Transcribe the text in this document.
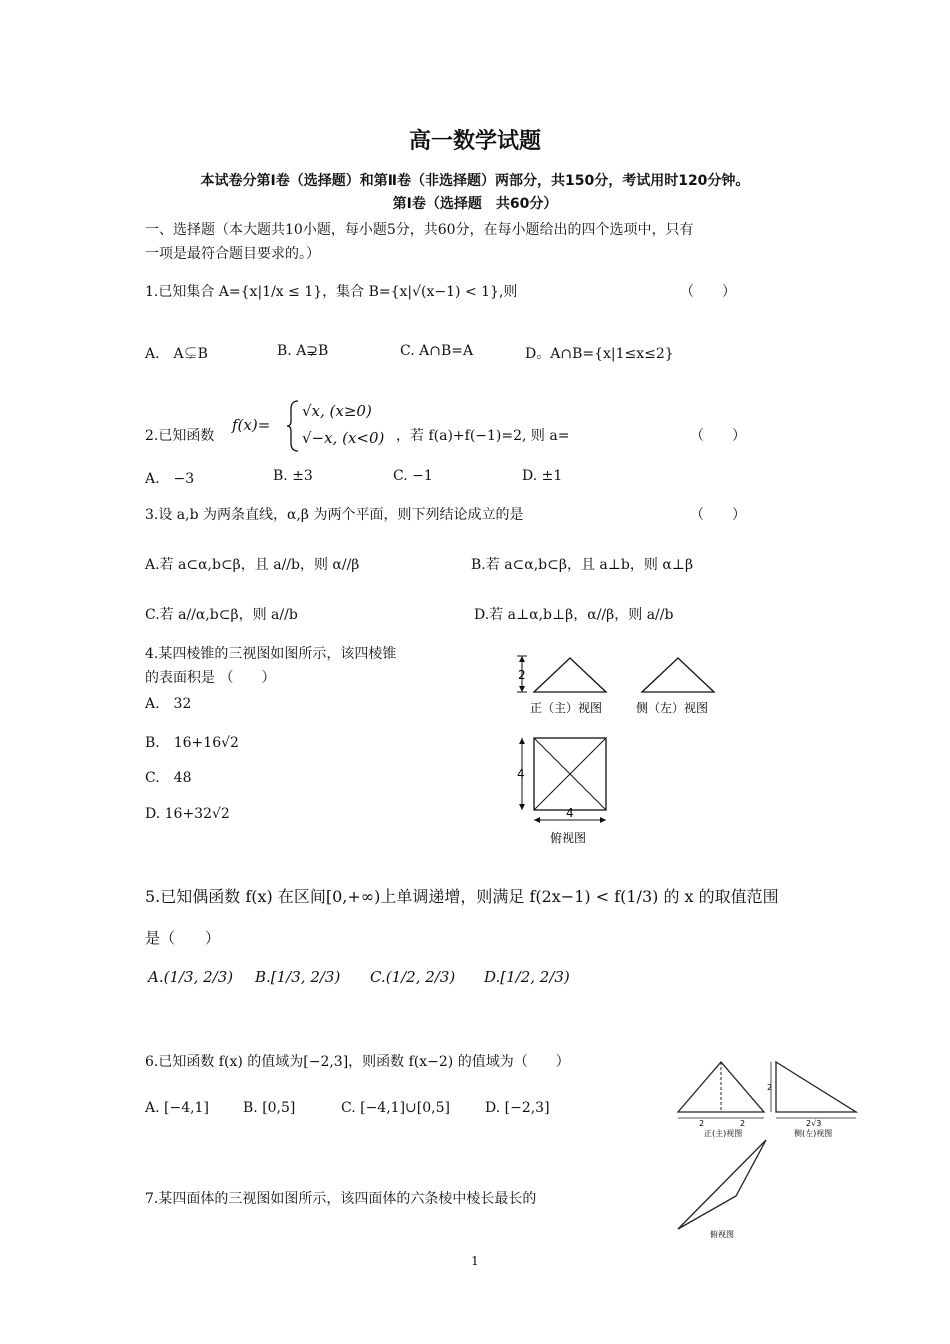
高一数学试题
本试卷分第Ⅰ卷（选择题）和第Ⅱ卷（非选择题）两部分，共150分，考试用时120分钟。
第Ⅰ卷（选择题　共60分）
一、选择题（本大题共10小题，每小题5分，共60分，在每小题给出的四个选项中，只有
一项是最符合题目要求的。）
1.已知集合 A={x|1/x ≤ 1}，集合 B={x|√(x−1) < 1},则	（　　）
A.　A⊊B	B. A⊋B	C. A∩B=A	D。A∩B={x|1≤x≤2}
2.已知函数
f(x)=
√x, (x≥0)
√−x, (x<0) ，若 f(a)+f(−1)=2, 则 a=	（　　）
A.　−3	B. ±3	C. −1	D. ±1
3.设 a,b 为两条直线，α,β 为两个平面，则下列结论成立的是	（　　）
A.若 a⊂α,b⊂β，且 a//b，则 α//β	B.若 a⊂α,b⊂β，且 a⊥b，则 α⊥β
C.若 a//α,b⊂β，则 a//b	D.若 a⊥α,b⊥β，α//β，则 a//b
4.某四棱锥的三视图如图所示，该四棱锥
的表面积是 （　　）
A.　32
B.　16+16√2
C.　48
D. 16+32√2
2
正（主）视图	侧（左）视图
4
4
俯视图
5.已知偶函数 f(x) 在区间[0,+∞)上单调递增，则满足 f(2x−1) < f(1/3) 的 x 的取值范围
是（　　）
A.(1/3, 2/3) B.[1/3, 2/3) C.(1/2, 2/3) D.[1/2, 2/3)
6.已知函数 f(x) 的值域为[−2,3]，则函数 f(x−2) 的值域为（　　）
A. [−4,1] B. [0,5]	C. [−4,1]∪[0,5]	D. [−2,3]
2	2
正(主)视图
2
2√3
侧(左)视图
俯视图
7.某四面体的三视图如图所示，该四面体的六条棱中棱长最长的
1
